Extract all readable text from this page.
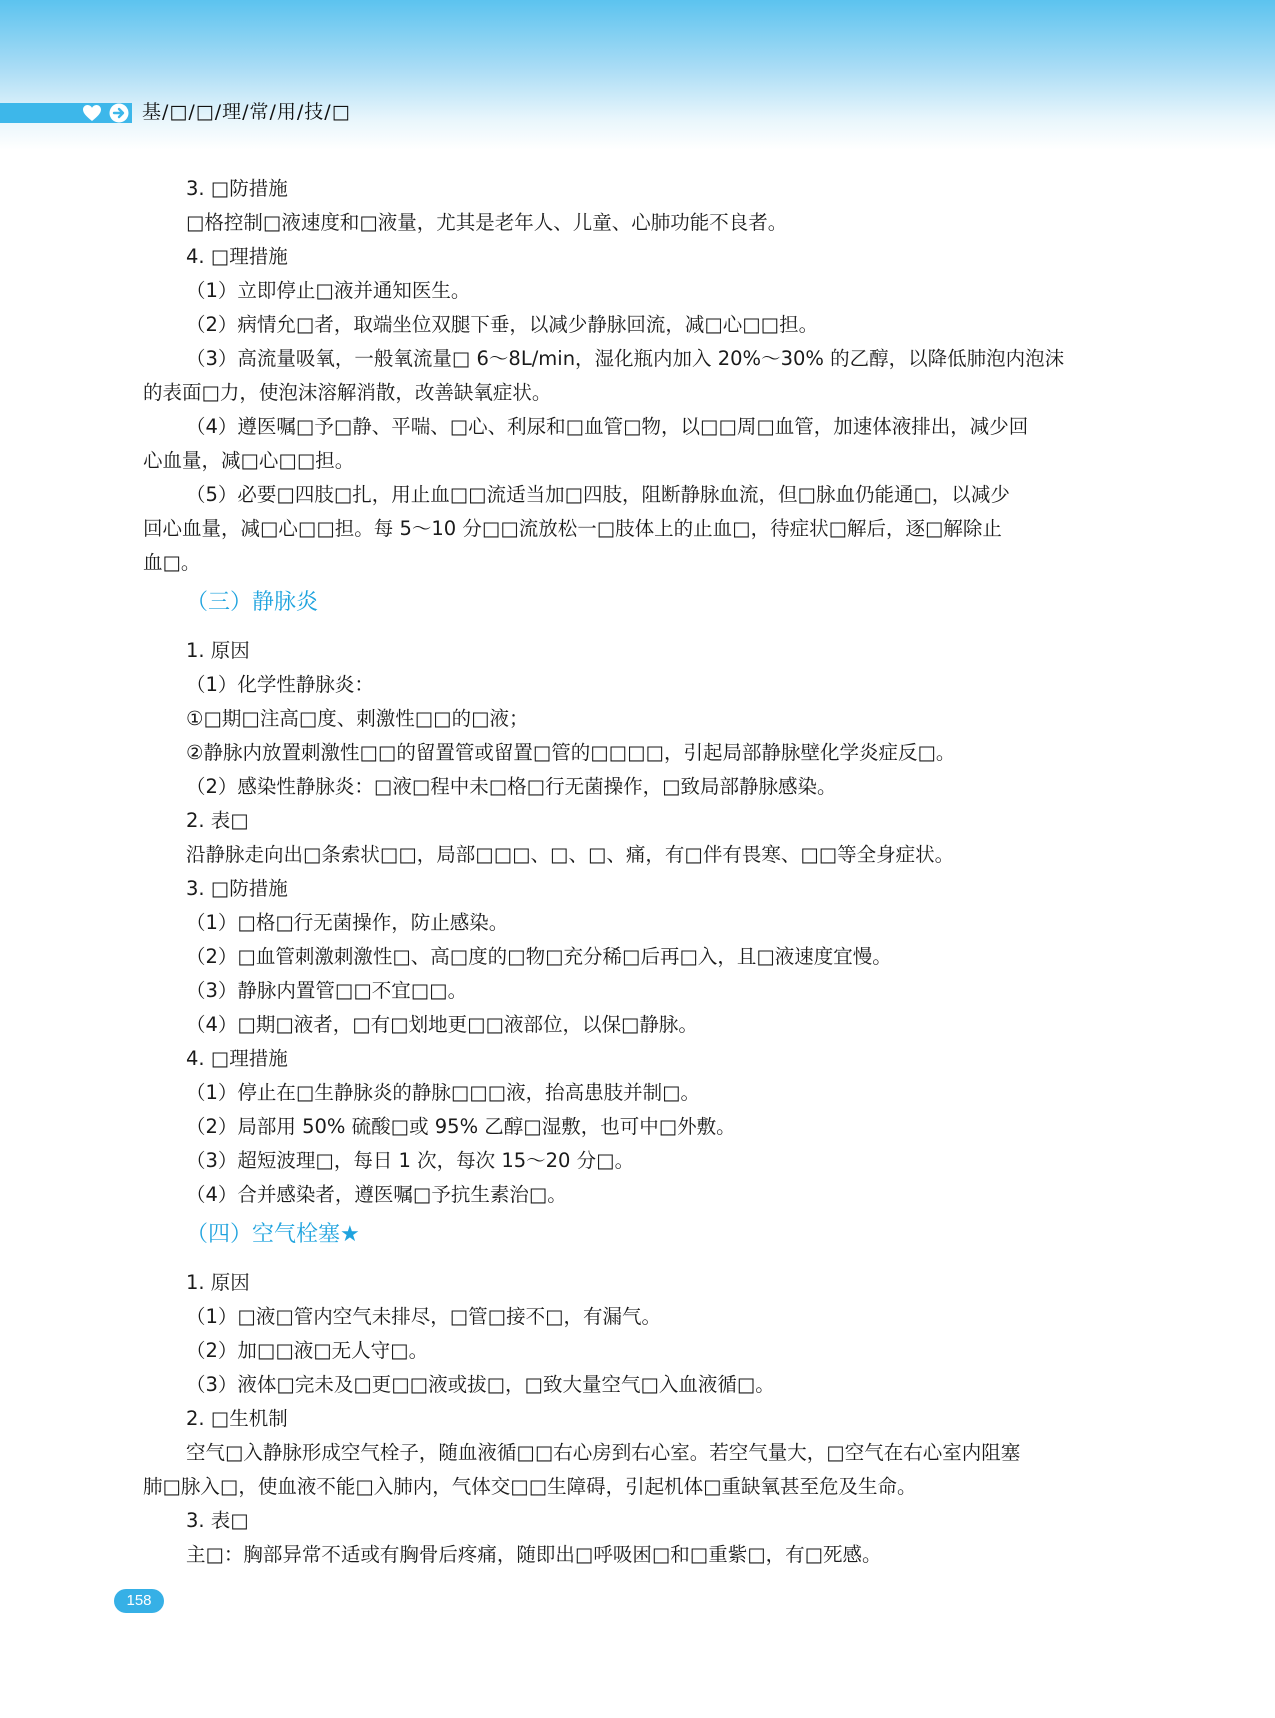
基/□/□/理/常/用/技/□
3. □防措施
□格控制□液速度和□液量，尤其是老年人、儿童、心肺功能不良者。
4. □理措施
（1）立即停止□液并通知医生。
（2）病情允□者，取端坐位双腿下垂，以减少静脉回流，减□心□□担。
（3）高流量吸氧，一般氧流量□ 6～8L/min，湿化瓶内加入 20%～30% 的乙醇，以降低肺泡内泡沫
的表面□力，使泡沫溶解消散，改善缺氧症状。
（4）遵医嘱□予□静、平喘、□心、利尿和□血管□物，以□□周□血管，加速体液排出，减少回
心血量，减□心□□担。
（5）必要□四肢□扎，用止血□□流适当加□四肢，阻断静脉血流，但□脉血仍能通□，以减少
回心血量，减□心□□担。每 5～10 分□□流放松一□肢体上的止血□，待症状□解后，逐□解除止
血□。
（三）静脉炎
1. 原因
（1）化学性静脉炎：
①□期□注高□度、刺激性□□的□液；
②静脉内放置刺激性□□的留置管或留置□管的□□□□，引起局部静脉壁化学炎症反□。
（2）感染性静脉炎：□液□程中未□格□行无菌操作，□致局部静脉感染。
2. 表□
沿静脉走向出□条索状□□，局部□□□、□、□、痛，有□伴有畏寒、□□等全身症状。
3. □防措施
（1）□格□行无菌操作，防止感染。
（2）□血管刺激刺激性□、高□度的□物□充分稀□后再□入，且□液速度宜慢。
（3）静脉内置管□□不宜□□。
（4）□期□液者，□有□划地更□□液部位，以保□静脉。
4. □理措施
（1）停止在□生静脉炎的静脉□□□液，抬高患肢并制□。
（2）局部用 50% 硫酸□或 95% 乙醇□湿敷，也可中□外敷。
（3）超短波理□，每日 1 次，每次 15～20 分□。
（4）合并感染者，遵医嘱□予抗生素治□。
（四）空气栓塞★
1. 原因
（1）□液□管内空气未排尽，□管□接不□，有漏气。
（2）加□□液□无人守□。
（3）液体□完未及□更□□液或拔□，□致大量空气□入血液循□。
2. □生机制
空气□入静脉形成空气栓子，随血液循□□右心房到右心室。若空气量大，□空气在右心室内阻塞
肺□脉入□，使血液不能□入肺内，气体交□□生障碍，引起机体□重缺氧甚至危及生命。
3. 表□
主□：胸部异常不适或有胸骨后疼痛，随即出□呼吸困□和□重紫□，有□死感。
158
